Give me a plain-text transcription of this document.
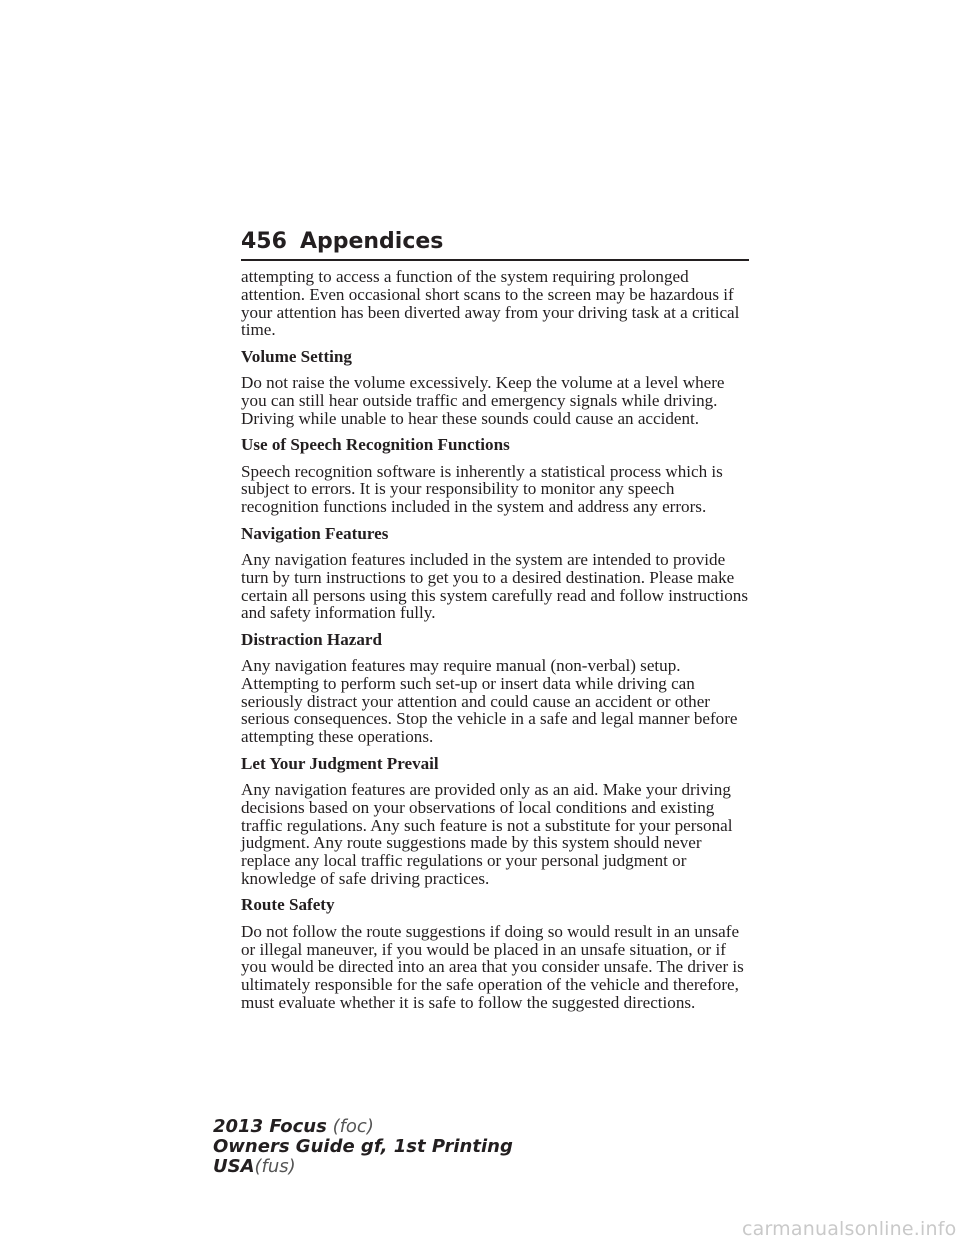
456 Appendices

attempting to access a function of the system requiring prolonged attention. Even occasional short scans to the screen may be hazardous if your attention has been diverted away from your driving task at a critical time.

Volume Setting

Do not raise the volume excessively. Keep the volume at a level where you can still hear outside traffic and emergency signals while driving. Driving while unable to hear these sounds could cause an accident.

Use of Speech Recognition Functions

Speech recognition software is inherently a statistical process which is subject to errors. It is your responsibility to monitor any speech recognition functions included in the system and address any errors.

Navigation Features

Any navigation features included in the system are intended to provide turn by turn instructions to get you to a desired destination. Please make certain all persons using this system carefully read and follow instructions and safety information fully.

Distraction Hazard

Any navigation features may require manual (non-verbal) setup. Attempting to perform such set-up or insert data while driving can seriously distract your attention and could cause an accident or other serious consequences. Stop the vehicle in a safe and legal manner before attempting these operations.

Let Your Judgment Prevail

Any navigation features are provided only as an aid. Make your driving decisions based on your observations of local conditions and existing traffic regulations. Any such feature is not a substitute for your personal judgment. Any route suggestions made by this system should never replace any local traffic regulations or your personal judgment or knowledge of safe driving practices.

Route Safety

Do not follow the route suggestions if doing so would result in an unsafe or illegal maneuver, if you would be placed in an unsafe situation, or if you would be directed into an area that you consider unsafe. The driver is ultimately responsible for the safe operation of the vehicle and therefore, must evaluate whether it is safe to follow the suggested directions.

2013 Focus (foc)
Owners Guide gf, 1st Printing
USA(fus)
carmanualsonline.info
